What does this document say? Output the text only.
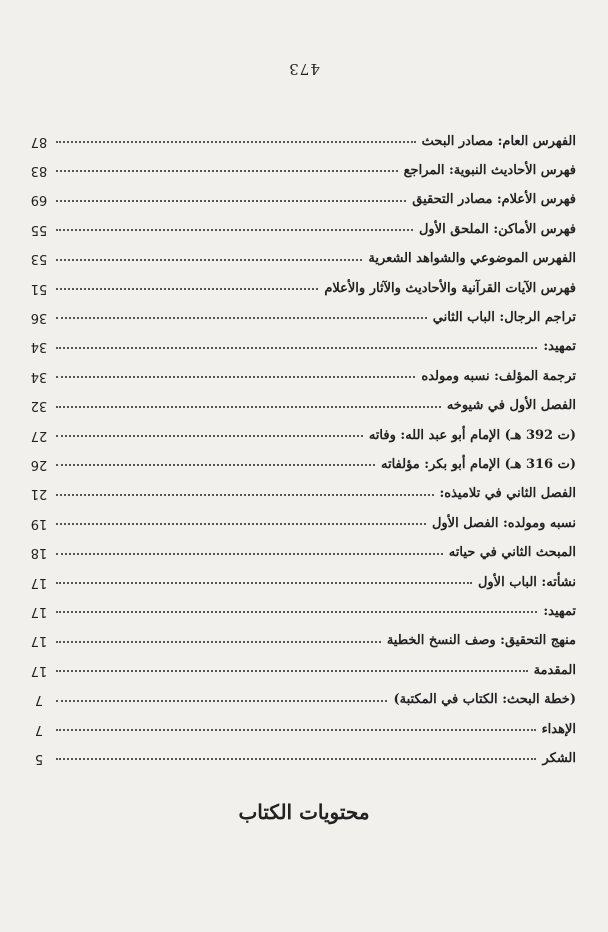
473
87	الفهرس العام: مصادر البحث
83	فهرس الأحاديث النبوية: المراجع
69	فهرس الأعلام: مصادر التحقيق
55	فهرس الأماكن: الملحق الأول
53	الفهرس الموضوعي والشواهد الشعرية
51	فهرس الآيات القرآنية والأحاديث والآثار والأعلام
36	تراجم الرجال: الباب الثاني
34	تمهيد:
34	ترجمة المؤلف: نسبه ومولده
32	الفصل الأول في شيوخه
27	(ت 392 هـ) الإمام أبو عبد الله: وفاته
26	(ت 316 هـ) الإمام أبو بكر: مؤلفاته
21	الفصل الثاني في تلاميذه:
19	نسبه ومولده: الفصل الأول
18	المبحث الثاني في حياته
17	نشأته: الباب الأول
17	تمهيد:
17	منهج التحقيق: وصف النسخ الخطية
17	المقدمة
7	(خطة البحث: الكتاب في المكتبة)
7	الإهداء
5	الشكر
محتويات الكتاب
